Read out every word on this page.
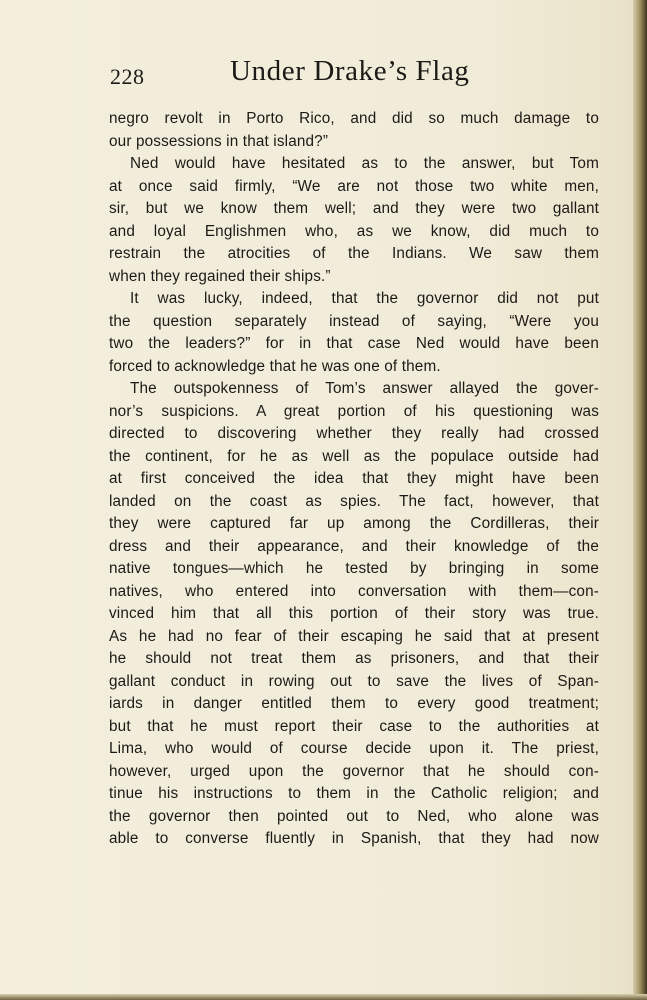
228	Under Drake’s Flag
negro revolt in Porto Rico, and did so much damage to
our possessions in that island?”
Ned would have hesitated as to the answer, but Tom
at once said firmly, “We are not those two white men,
sir, but we know them well; and they were two gallant
and loyal Englishmen who, as we know, did much to
restrain the atrocities of the Indians. We saw them
when they regained their ships.”
It was lucky, indeed, that the governor did not put
the question separately instead of saying, “Were you
two the leaders?” for in that case Ned would have been
forced to acknowledge that he was one of them.
The outspokenness of Tom’s answer allayed the gover-
nor’s suspicions. A great portion of his questioning was
directed to discovering whether they really had crossed
the continent, for he as well as the populace outside had
at first conceived the idea that they might have been
landed on the coast as spies. The fact, however, that
they were captured far up among the Cordilleras, their
dress and their appearance, and their knowledge of the
native tongues—which he tested by bringing in some
natives, who entered into conversation with them—con-
vinced him that all this portion of their story was true.
As he had no fear of their escaping he said that at present
he should not treat them as prisoners, and that their
gallant conduct in rowing out to save the lives of Span-
iards in danger entitled them to every good treatment;
but that he must report their case to the authorities at
Lima, who would of course decide upon it. The priest,
however, urged upon the governor that he should con-
tinue his instructions to them in the Catholic religion; and
the governor then pointed out to Ned, who alone was
able to converse fluently in Spanish, that they had now
